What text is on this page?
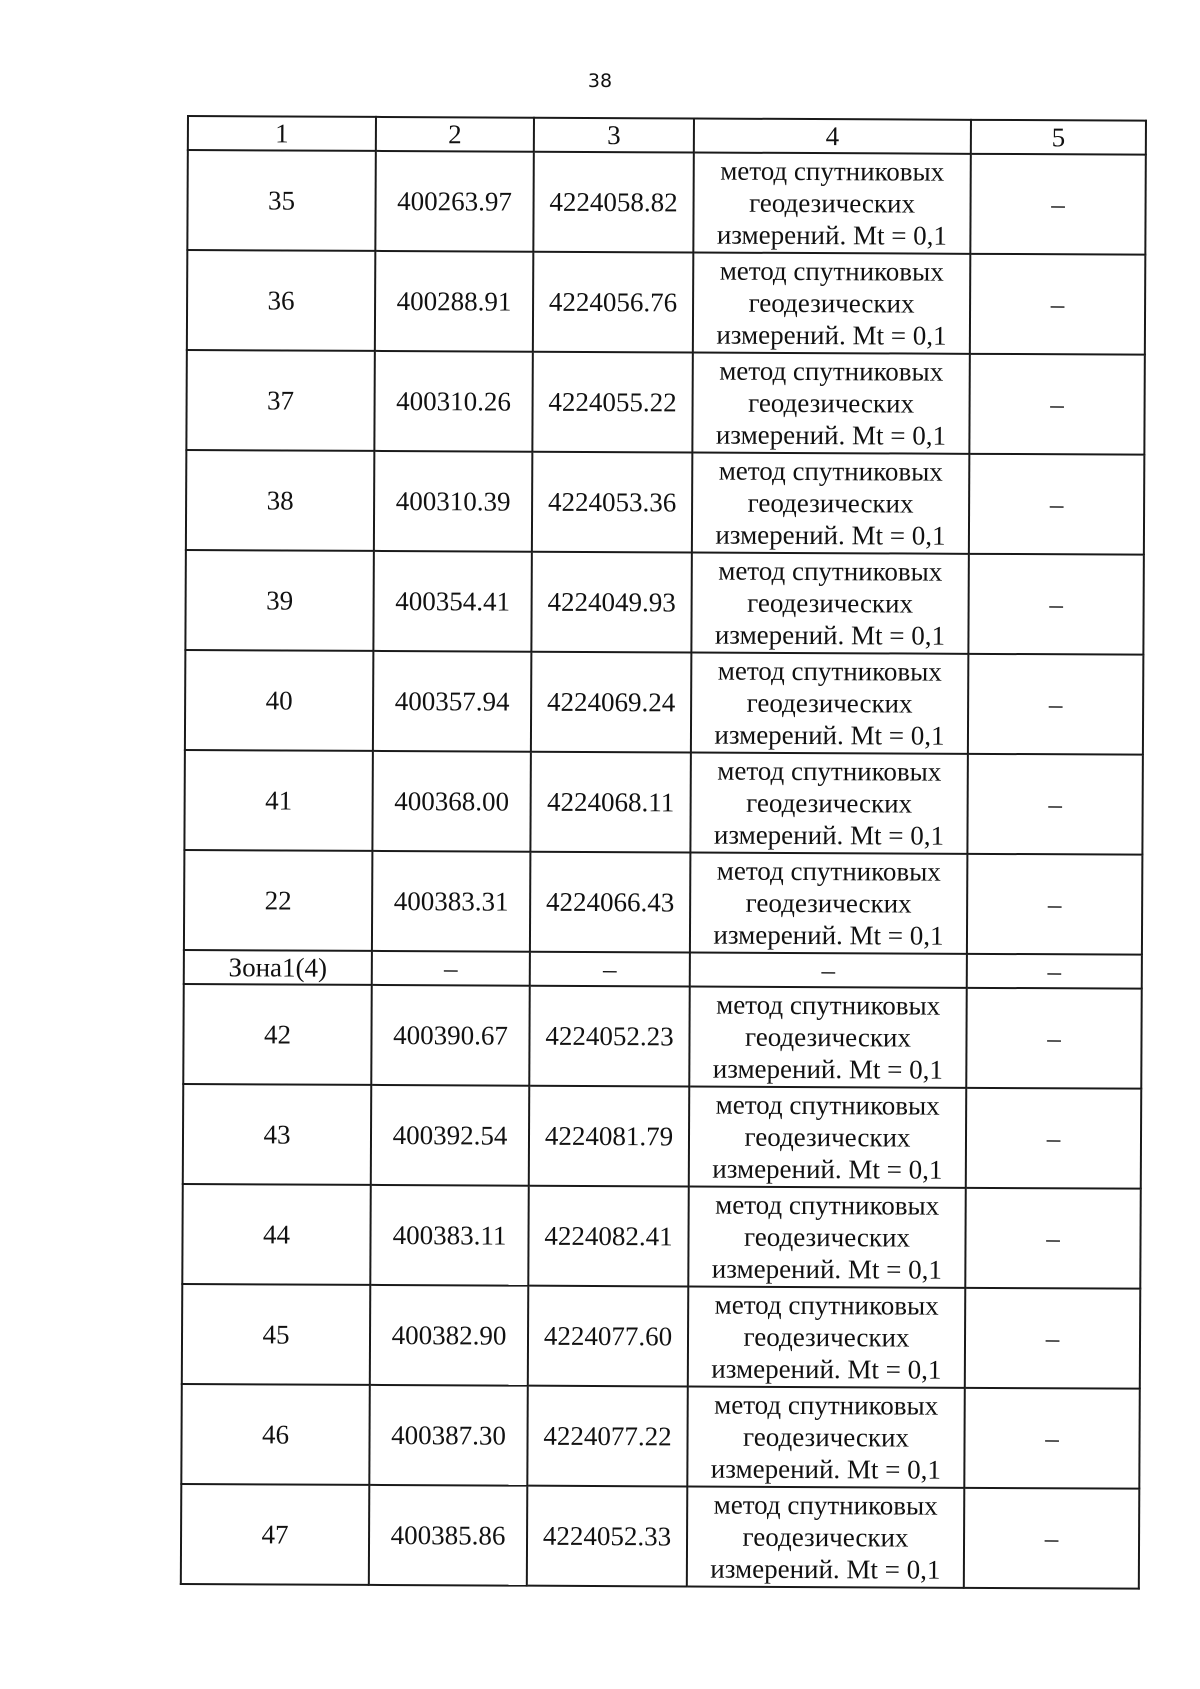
38
1	2	3	4	5
35	400263.97	4224058.82	метод спутниковых геодезических измерений. Mt = 0,1	–
36	400288.91	4224056.76	метод спутниковых геодезических измерений. Mt = 0,1	–
37	400310.26	4224055.22	метод спутниковых геодезических измерений. Mt = 0,1	–
38	400310.39	4224053.36	метод спутниковых геодезических измерений. Mt = 0,1	–
39	400354.41	4224049.93	метод спутниковых геодезических измерений. Mt = 0,1	–
40	400357.94	4224069.24	метод спутниковых геодезических измерений. Mt = 0,1	–
41	400368.00	4224068.11	метод спутниковых геодезических измерений. Mt = 0,1	–
22	400383.31	4224066.43	метод спутниковых геодезических измерений. Mt = 0,1	–
Зона1(4)	–	–	–	–
42	400390.67	4224052.23	метод спутниковых геодезических измерений. Mt = 0,1	–
43	400392.54	4224081.79	метод спутниковых геодезических измерений. Mt = 0,1	–
44	400383.11	4224082.41	метод спутниковых геодезических измерений. Mt = 0,1	–
45	400382.90	4224077.60	метод спутниковых геодезических измерений. Mt = 0,1	–
46	400387.30	4224077.22	метод спутниковых геодезических измерений. Mt = 0,1	–
47	400385.86	4224052.33	метод спутниковых геодезических измерений. Mt = 0,1	–
